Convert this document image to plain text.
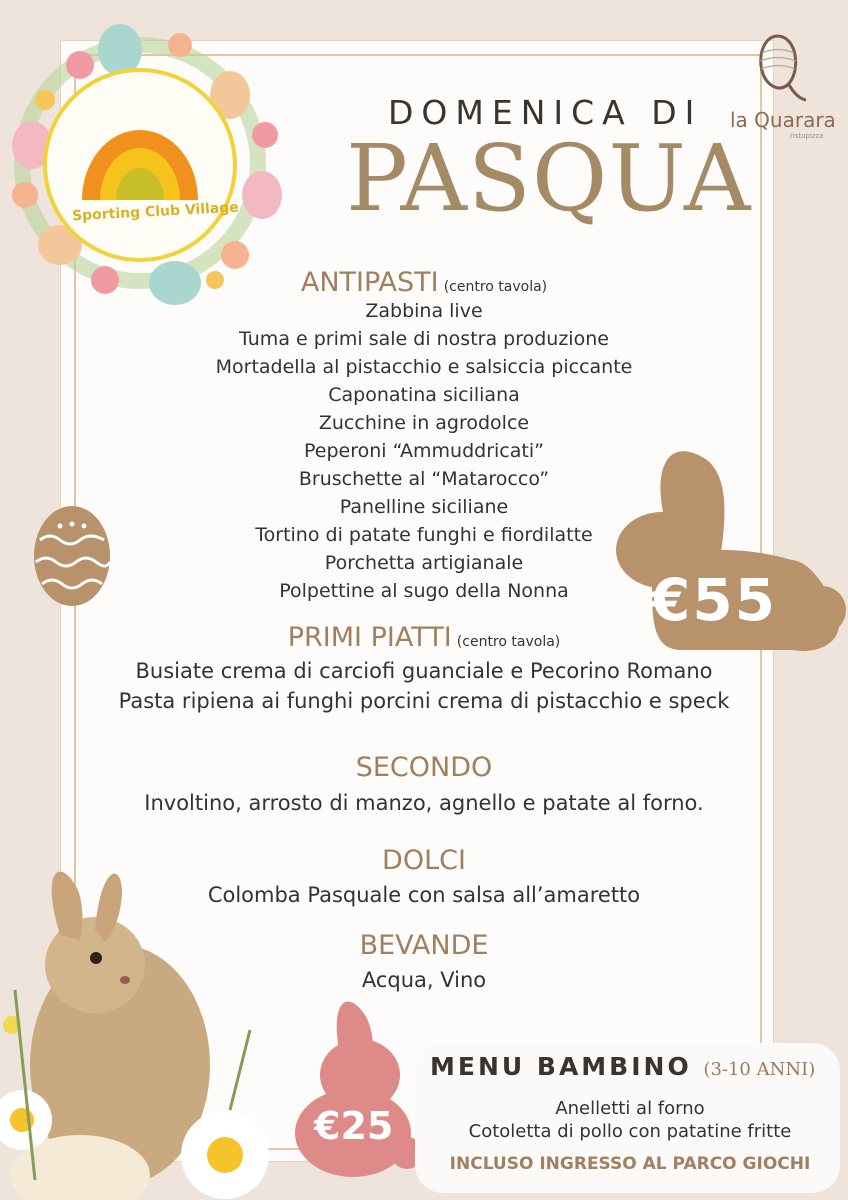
Sporting Club Village
la Quarara
ristopizza
DOMENICA DI
PASQUA
€55
ANTIPASTI (centro tavola)
Zabbina live
Tuma e primi sale di nostra produzione
Mortadella al pistacchio e salsiccia piccante
Caponatina siciliana
Zucchine in agrodolce
Peperoni “Ammuddricati”
Bruschette al “Matarocco”
Panelline siciliane
Tortino di patate funghi e fiordilatte
Porchetta artigianale
Polpettine al sugo della Nonna
PRIMI PIATTI (centro tavola)
Busiate crema di carciofi guanciale e Pecorino Romano
Pasta ripiena ai funghi porcini crema di pistacchio e speck
SECONDO
Involtino, arrosto di manzo, agnello e patate al forno.
DOLCI
Colomba Pasquale con salsa all’amaretto
BEVANDE
Acqua, Vino
€25
MENU BAMBINO (3-10 ANNI)
Anelletti al forno
Cotoletta di pollo con patatine fritte
INCLUSO INGRESSO AL PARCO GIOCHI
